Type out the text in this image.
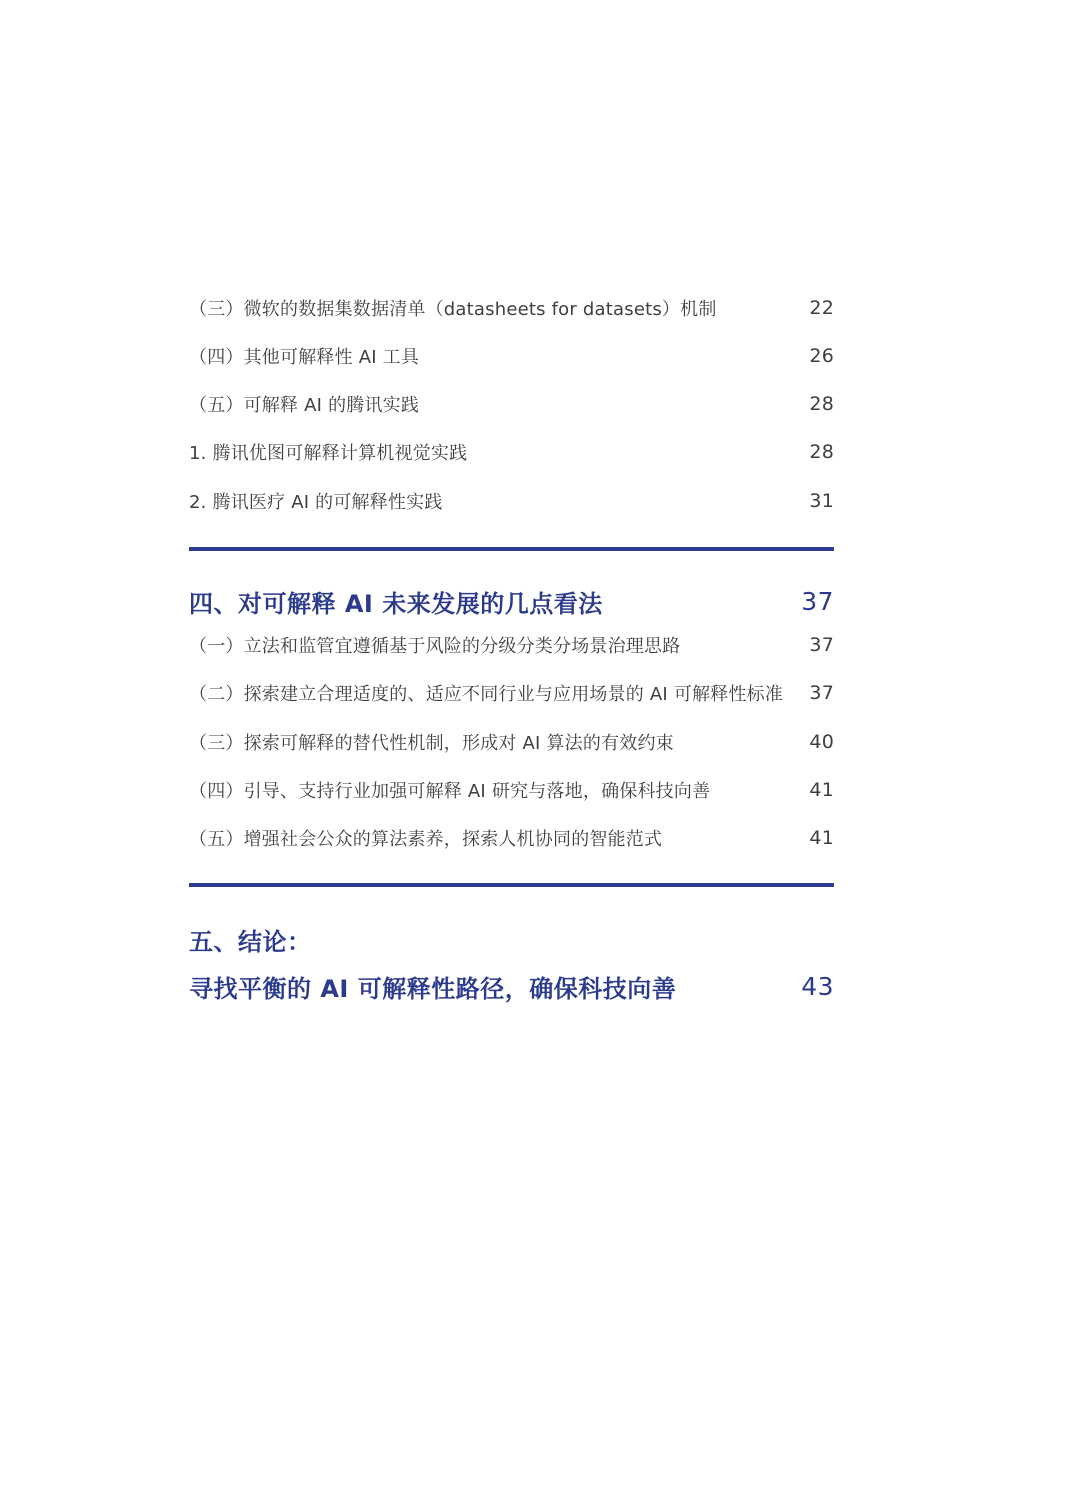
（三）微软的数据集数据清单（datasheets for datasets）机制	22
（四）其他可解释性 AI 工具	26
（五）可解释 AI 的腾讯实践	28
1. 腾讯优图可解释计算机视觉实践	28
2. 腾讯医疗 AI 的可解释性实践	31
四、对可解释 AI 未来发展的几点看法	37
（一）立法和监管宜遵循基于风险的分级分类分场景治理思路	37
（二）探索建立合理适度的、适应不同行业与应用场景的 AI 可解释性标准 37
（三）探索可解释的替代性机制，形成对 AI 算法的有效约束	40
（四）引导、支持行业加强可解释 AI 研究与落地，确保科技向善	41
（五）增强社会公众的算法素养，探索人机协同的智能范式	41
五、结论：
寻找平衡的 AI 可解释性路径，确保科技向善	43
